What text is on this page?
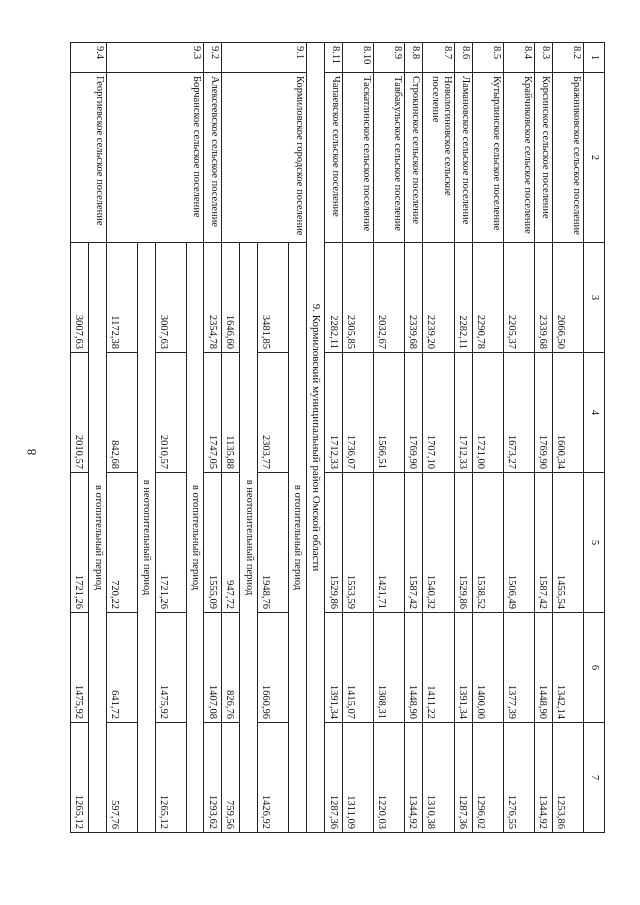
8
1	2	3	4	5	6	7
8.2	Бражниковское сельское поселение	2066,50	1600,34	1455,54	1342,14	1253,86
8.3	Корсинское сельское поселение	2339,68	1769,90	1587,42	1448,90	1344,92
8.4	Крайчиковское сельское поселение	2205,37	1673,27	1506,49	1377,39	1276,55
8.5	Кутырлинское сельское поселение	2290,78	1721,00	1538,52	1400,00	1296,02
8.6	Ламановское сельское поселение	2282,11	1712,33	1529,86	1391,34	1287,36
8.7	Новологиновское сельское поселение	2239,20	1707,10	1540,32	1411,22	1310,38
8.8	Строкинское сельское поселение	2339,68	1769,90	1587,42	1448,90	1344,92
8.9	Тавбакульское сельское поселение	2032,67	1566,51	1421,71	1308,31	1220,03
8.10	Таскатлинское сельское поселение	2305,85	1736,07	1553,59	1415,07	1311,09
8.11	Чапаевское сельское поселение	2282,11	1712,33	1529,86	1391,34	1287,36
9. Кормиловский муниципальный район Омской области						
9.1	Кормиловское городское поселение	в отопительный период				
		3481,85	2303,77	1948,76	1660,96	1426,92
		в неотопительный период				
		1646,60	1135,88	947,72	826,76	759,56
9.2	Алексеевское сельское поселение	2354,78	1747,05	1555,09	1407,08	1293,62
9.3	Борчанское сельское поселение	в отопительный период				
		3007,63	2010,57	1721,26	1475,92	1265,12
		в неотопительный период				
		1172,38	842,68	720,22	641,72	597,76
9.4	Георгиевское сельское поселение	в отопительный период				
		3007,63	2010,57	1721,26	1475,92	1265,12
